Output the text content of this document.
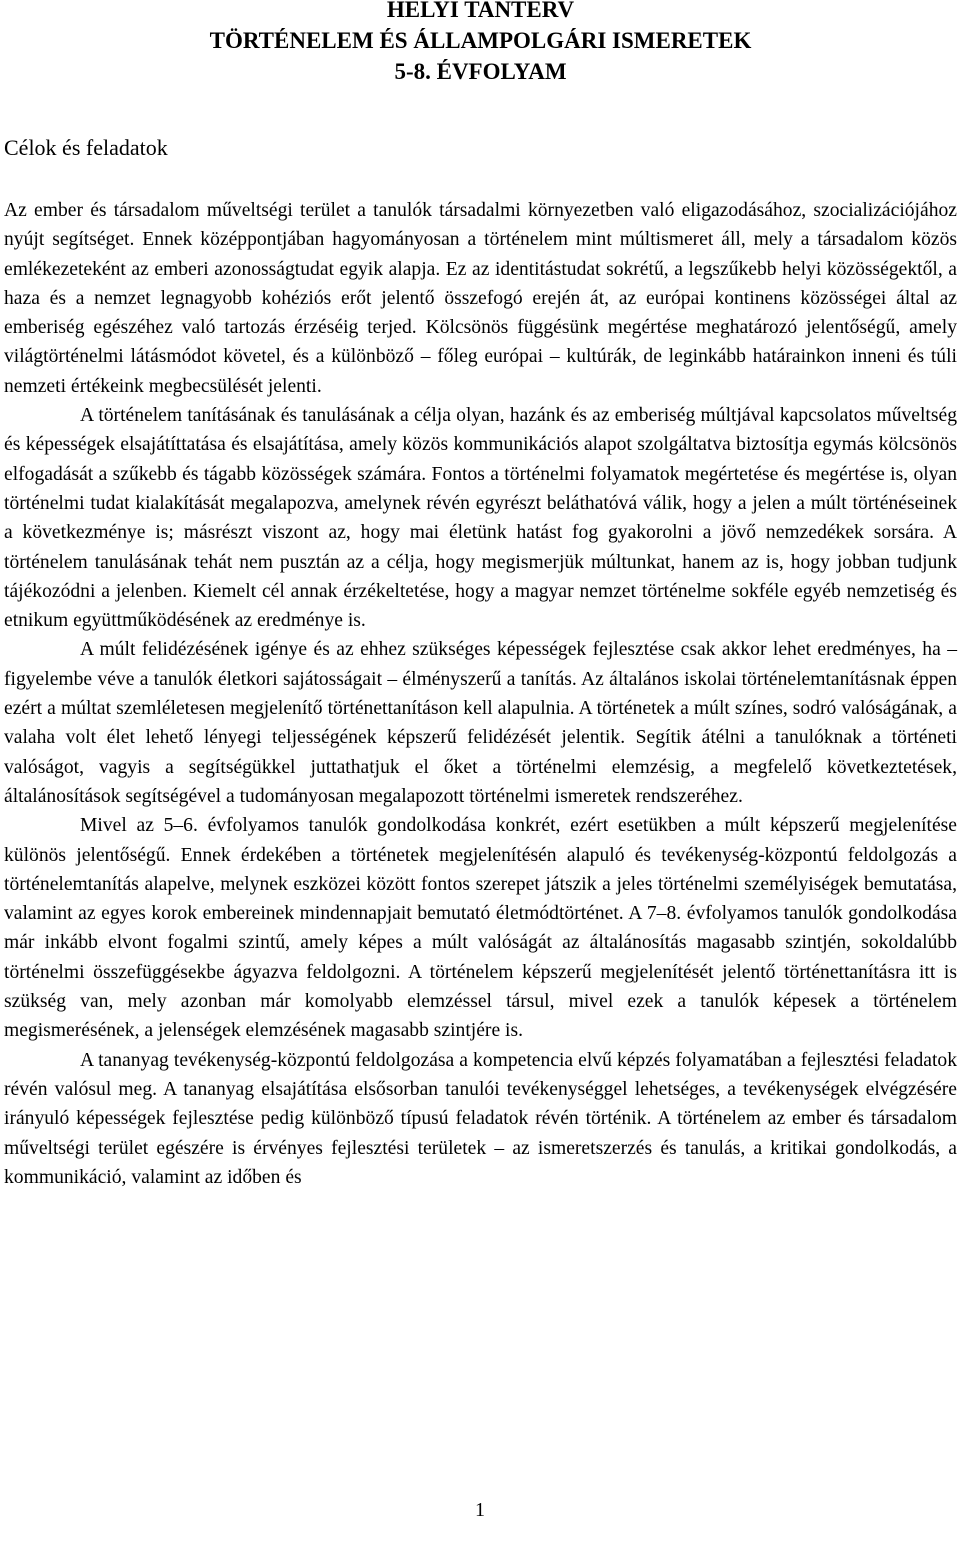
HELYI TANTERV
TÖRTÉNELEM ÉS ÁLLAMPOLGÁRI ISMERETEK
5-8. ÉVFOLYAM
Célok és feladatok

Az ember és társadalom műveltségi terület a tanulók társadalmi környezetben való eligazodásához, szocializációjához nyújt segítséget. Ennek középpontjában hagyományosan a történelem mint múltismeret áll, mely a társadalom közös emlékezeteként az emberi azonosságtudat egyik alapja. Ez az identitástudat sokrétű, a legszűkebb helyi közösségektől, a haza és a nemzet legnagyobb kohéziós erőt jelentő összefogó erején át, az európai kontinens közösségei által az emberiség egészéhez való tartozás érzéséig terjed. Kölcsönös függésünk megértése meghatározó jelentőségű, amely világtörténelmi látásmódot követel, és a különböző – főleg európai – kultúrák, de leginkább határainkon inneni és túli nemzeti értékeink megbecsülését jelenti.

A történelem tanításának és tanulásának a célja olyan, hazánk és az emberiség múltjával kapcsolatos műveltség és képességek elsajátíttatása és elsajátítása, amely közös kommunikációs alapot szolgáltatva biztosítja egymás kölcsönös elfogadását a szűkebb és tágabb közösségek számára. Fontos a történelmi folyamatok megértetése és megértése is, olyan történelmi tudat kialakítását megalapozva, amelynek révén egyrészt beláthatóvá válik, hogy a jelen a múlt történéseinek a következménye is; másrészt viszont az, hogy mai életünk hatást fog gyakorolni a jövő nemzedékek sorsára. A történelem tanulásának tehát nem pusztán az a célja, hogy megismerjük múltunkat, hanem az is, hogy jobban tudjunk tájékozódni a jelenben. Kiemelt cél annak érzékeltetése, hogy a magyar nemzet történelme sokféle egyéb nemzetiség és etnikum együttműködésének az eredménye is.

A múlt felidézésének igénye és az ehhez szükséges képességek fejlesztése csak akkor lehet eredményes, ha – figyelembe véve a tanulók életkori sajátosságait – élményszerű a tanítás. Az általános iskolai történelemtanításnak éppen ezért a múltat szemléletesen megjelenítő történettanításon kell alapulnia. A történetek a múlt színes, sodró valóságának, a valaha volt élet lehető lényegi teljességének képszerű felidézését jelentik. Segítik átélni a tanulóknak a történeti valóságot, vagyis a segítségükkel juttathatjuk el őket a történelmi elemzésig, a megfelelő következtetések, általánosítások segítségével a tudományosan megalapozott történelmi ismeretek rendszeréhez.

Mivel az 5–6. évfolyamos tanulók gondolkodása konkrét, ezért esetükben a múlt képszerű megjelenítése különös jelentőségű. Ennek érdekében a történetek megjelenítésén alapuló és tevékenység-központú feldolgozás a történelemtanítás alapelve, melynek eszközei között fontos szerepet játszik a jeles történelmi személyiségek bemutatása, valamint az egyes korok embereinek mindennapjait bemutató életmódtörténet. A 7–8. évfolyamos tanulók gondolkodása már inkább elvont fogalmi szintű, amely képes a múlt valóságát az általánosítás magasabb szintjén, sokoldalúbb történelmi összefüggésekbe ágyazva feldolgozni. A történelem képszerű megjelenítését jelentő történettanításra itt is szükség van, mely azonban már komolyabb elemzéssel társul, mivel ezek a tanulók képesek a történelem megismerésének, a jelenségek elemzésének magasabb szintjére is.

A tananyag tevékenység-központú feldolgozása a kompetencia elvű képzés folyamatában a fejlesztési feladatok révén valósul meg. A tananyag elsajátítása elsősorban tanulói tevékenységgel lehetséges, a tevékenységek elvégzésére irányuló képességek fejlesztése pedig különböző típusú feladatok révén történik. A történelem az ember és társadalom műveltségi terület egészére is érvényes fejlesztési területek – az ismeretszerzés és tanulás, a kritikai gondolkodás, a kommunikáció, valamint az időben és

1
